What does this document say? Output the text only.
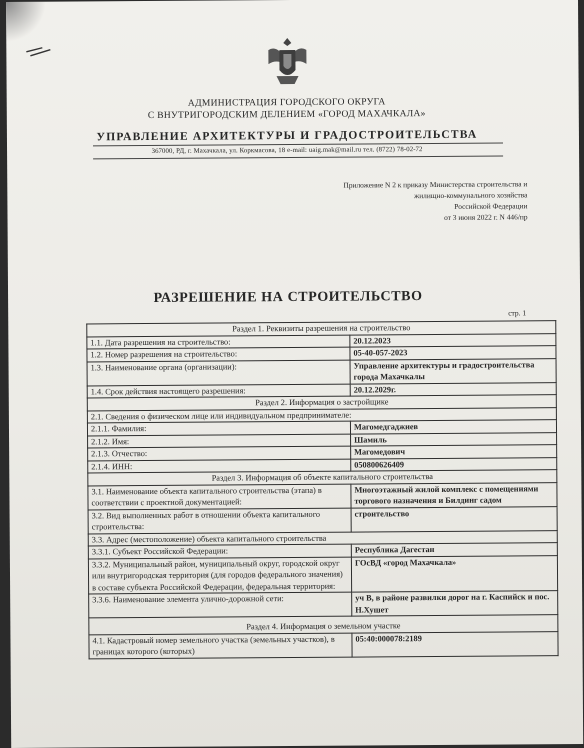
АДМИНИСТРАЦИЯ ГОРОДСКОГО ОКРУГА
С ВНУТРИГОРОДСКИМ ДЕЛЕНИЕМ «ГОРОД МАХАЧКАЛА»
УПРАВЛЕНИЕ АРХИТЕКТУРЫ И ГРАДОСТРОИТЕЛЬСТВА
367000, РД, г. Махачкала, ул. Коркмасова, 18 e-mail: uaig.mak@mail.ru тел. (8722) 78-02-72
Приложение N 2 к приказу Министерства строительства и
жилищно-коммунального хозяйства
Российской Федерации
от 3 июня 2022 г. N 446/пр
РАЗРЕШЕНИЕ НА СТРОИТЕЛЬСТВО
стр. 1
Раздел 1. Реквизиты разрешения на строительство	
1.1. Дата разрешения на строительство:	20.12.2023
1.2. Номер разрешения на строительство:	05-40-057-2023
1.3. Наименование органа (организации):	Управление архитектуры и градостроительства города Махачкалы
1.4. Срок действия настоящего разрешения:	20.12.2029г.
Раздел 2. Информация о застройщике	
2.1. Сведения о физическом лице или индивидуальном предпринимателе:	
2.1.1. Фамилия:	Магомедгаджиев
2.1.2. Имя:	Шамиль
2.1.3. Отчество:	Магомедович
2.1.4. ИНН:	050800626409
Раздел 3. Информация об объекте капитального строительства	
3.1. Наименование объекта капитального строительства (этапа) в соответствии с проектной документацией:	Многоэтажный жилой комплекс с помещениями торгового назначения и Билдинг садом
3.2. Вид выполненных работ в отношении объекта капитального строительства:	строительство
3.3. Адрес (местоположение) объекта капитального строительства	
3.3.1. Субъект Российской Федерации:	Республика Дагестан
3.3.2. Муниципальный район, муниципальный округ, городской округ или внутригородская территория (для городов федерального значения) в составе субъекта Российской Федерации, федеральная территория:	ГОсВД «город Махачкала»
3.3.6. Наименование элемента улично-дорожной сети:	уч В, в районе развилки дорог на г. Каспийск и пос. Н.Хушет
Раздел 4. Информация о земельном участке	
4.1. Кадастровый номер земельного участка (земельных участков), в границах которого (которых)	05:40:000078:2189
